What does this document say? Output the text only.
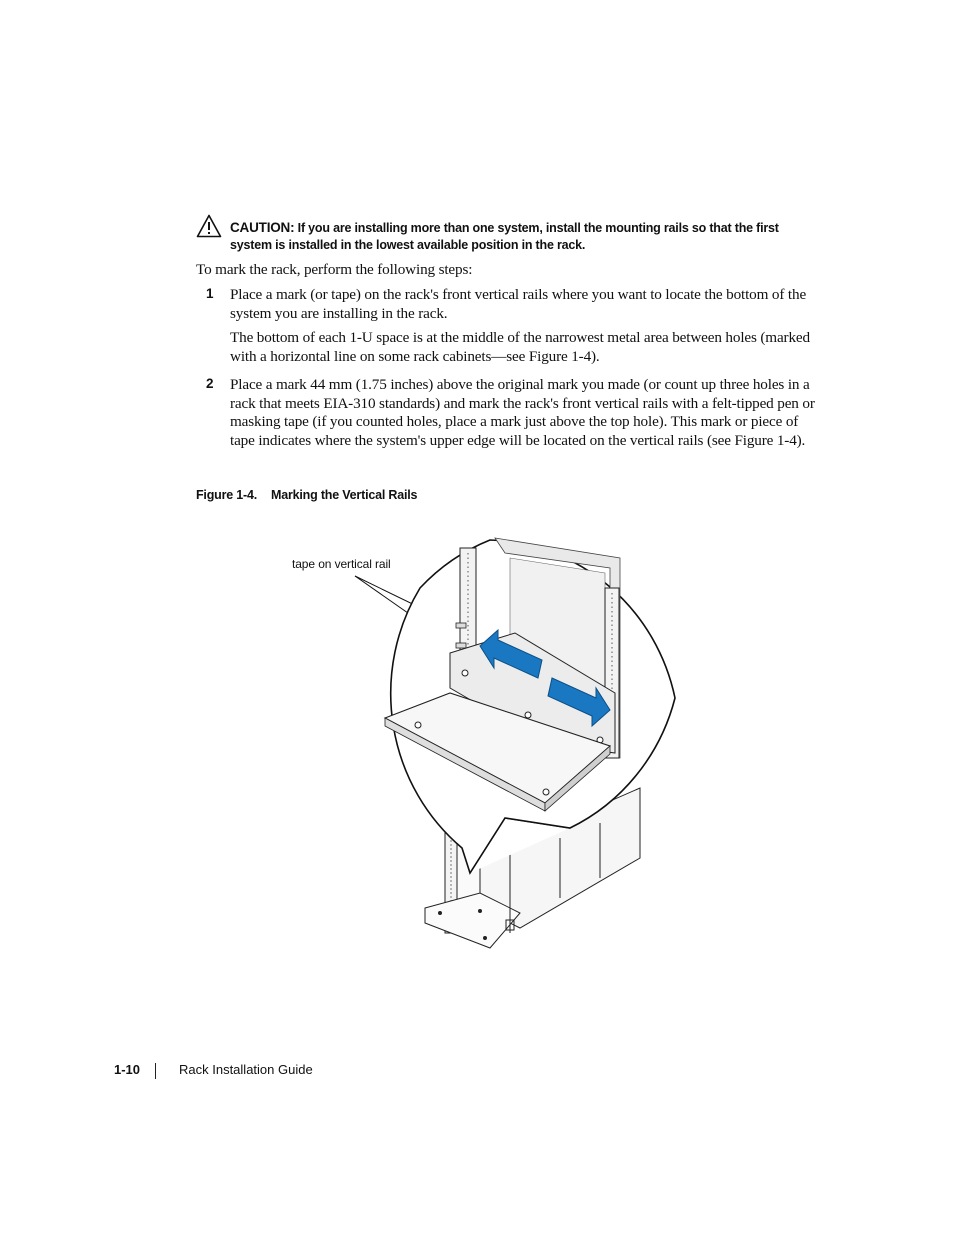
CAUTION: If you are installing more than one system, install the mounting rails so that the first system is installed in the lowest available position in the rack.
To mark the rack, perform the following steps:
1 Place a mark (or tape) on the rack's front vertical rails where you want to locate the bottom of the system you are installing in the rack.
The bottom of each 1-U space is at the middle of the narrowest metal area between holes (marked with a horizontal line on some rack cabinets—see Figure 1-4).
2 Place a mark 44 mm (1.75 inches) above the original mark you made (or count up three holes in a rack that meets EIA-310 standards) and mark the rack's front vertical rails with a felt-tipped pen or masking tape (if you counted holes, place a mark just above the top hole). This mark or piece of tape indicates where the system's upper edge will be located on the vertical rails (see Figure 1-4).
Figure 1-4. Marking the Vertical Rails
tape on vertical rail
1-10	Rack Installation Guide
